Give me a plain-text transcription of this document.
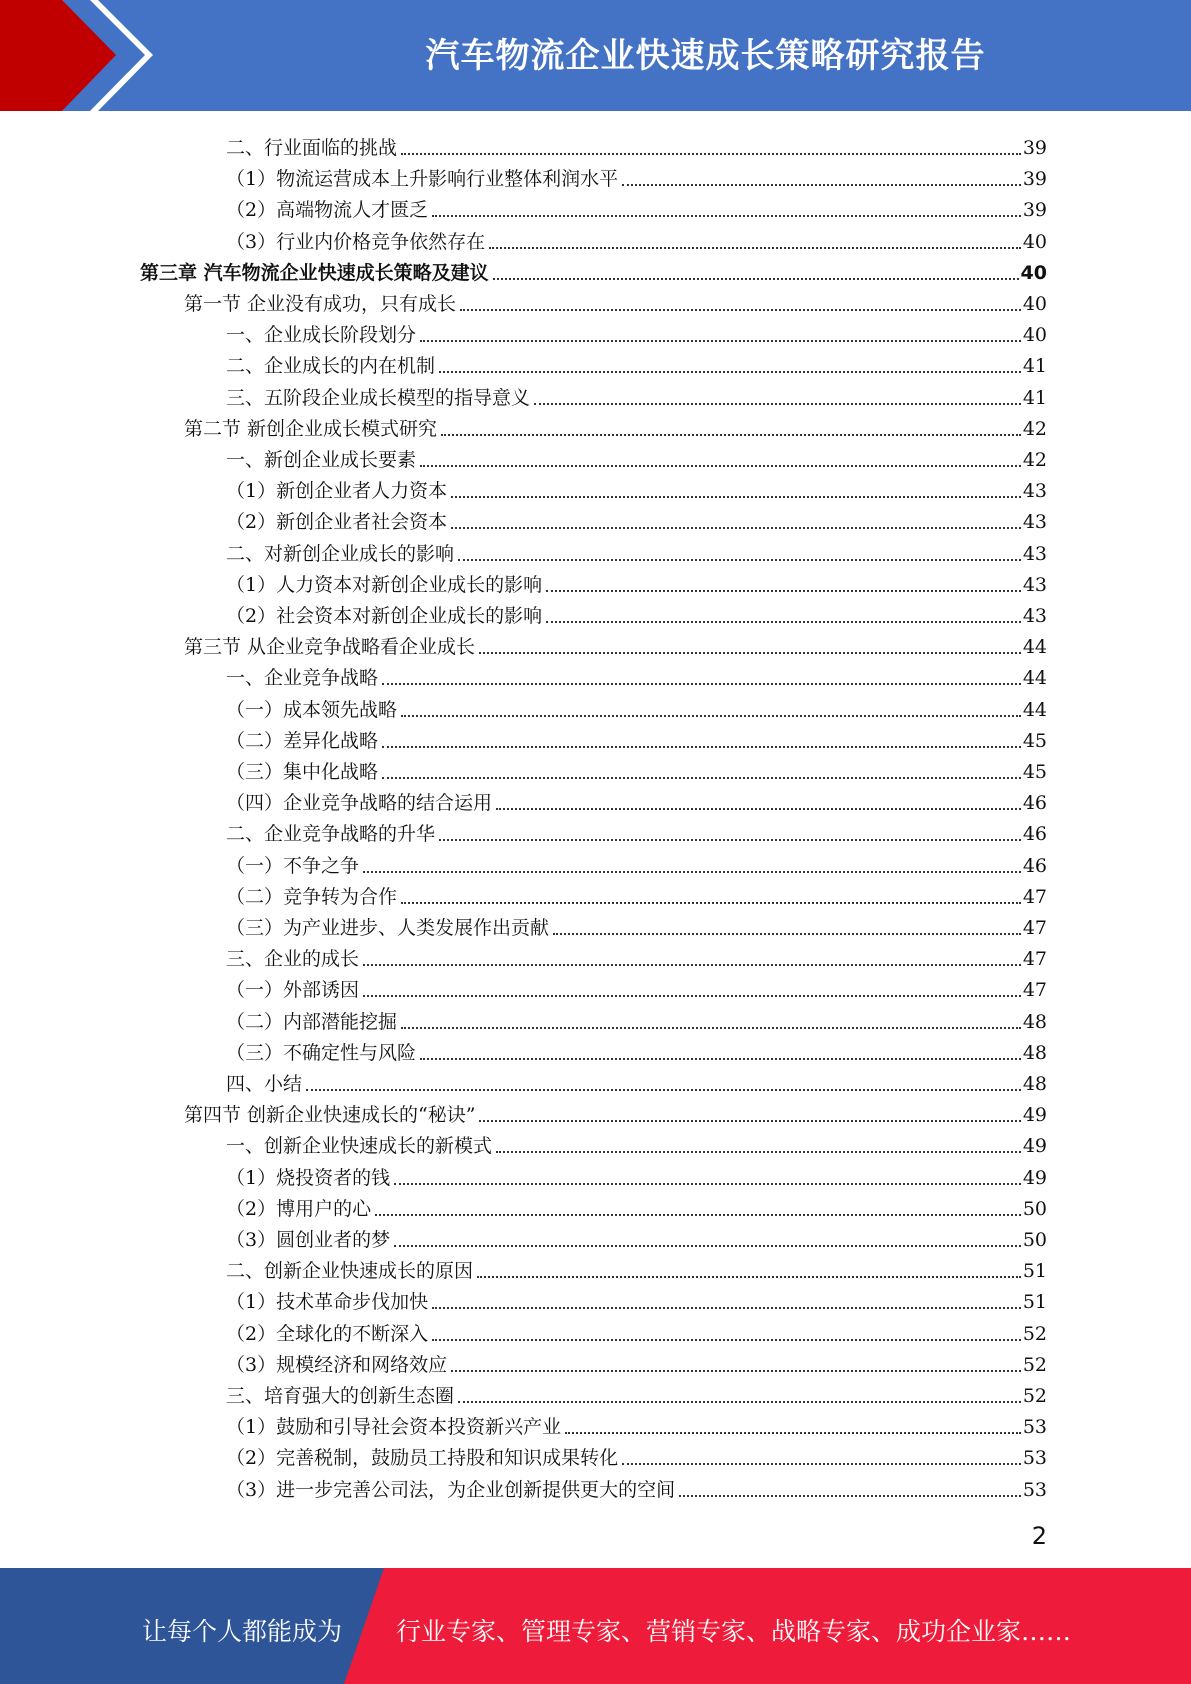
汽车物流企业快速成长策略研究报告
二、行业面临的挑战	39
（1）物流运营成本上升影响行业整体利润水平	39
（2）高端物流人才匮乏	39
（3）行业内价格竞争依然存在	40
第三章 汽车物流企业快速成长策略及建议	40
第一节 企业没有成功，只有成长	40
一、企业成长阶段划分	40
二、企业成长的内在机制	41
三、五阶段企业成长模型的指导意义	41
第二节 新创企业成长模式研究	42
一、新创企业成长要素	42
（1）新创企业者人力资本	43
（2）新创企业者社会资本	43
二、对新创企业成长的影响	43
（1）人力资本对新创企业成长的影响	43
（2）社会资本对新创企业成长的影响	43
第三节 从企业竞争战略看企业成长	44
一、企业竞争战略	44
（一）成本领先战略	44
（二）差异化战略	45
（三）集中化战略	45
（四）企业竞争战略的结合运用	46
二、企业竞争战略的升华	46
（一）不争之争	46
（二）竞争转为合作	47
（三）为产业进步、人类发展作出贡献	47
三、企业的成长	47
（一）外部诱因	47
（二）内部潜能挖掘	48
（三）不确定性与风险	48
四、小结	48
第四节 创新企业快速成长的“秘诀”	49
一、创新企业快速成长的新模式	49
（1）烧投资者的钱	49
（2）博用户的心	50
（3）圆创业者的梦	50
二、创新企业快速成长的原因	51
（1）技术革命步伐加快	51
（2）全球化的不断深入	52
（3）规模经济和网络效应	52
三、培育强大的创新生态圈	52
（1）鼓励和引导社会资本投资新兴产业	53
（2）完善税制，鼓励员工持股和知识成果转化	53
（3）进一步完善公司法，为企业创新提供更大的空间	53
2
让每个人都能成为 行业专家、管理专家、营销专家、战略专家、成功企业家……
